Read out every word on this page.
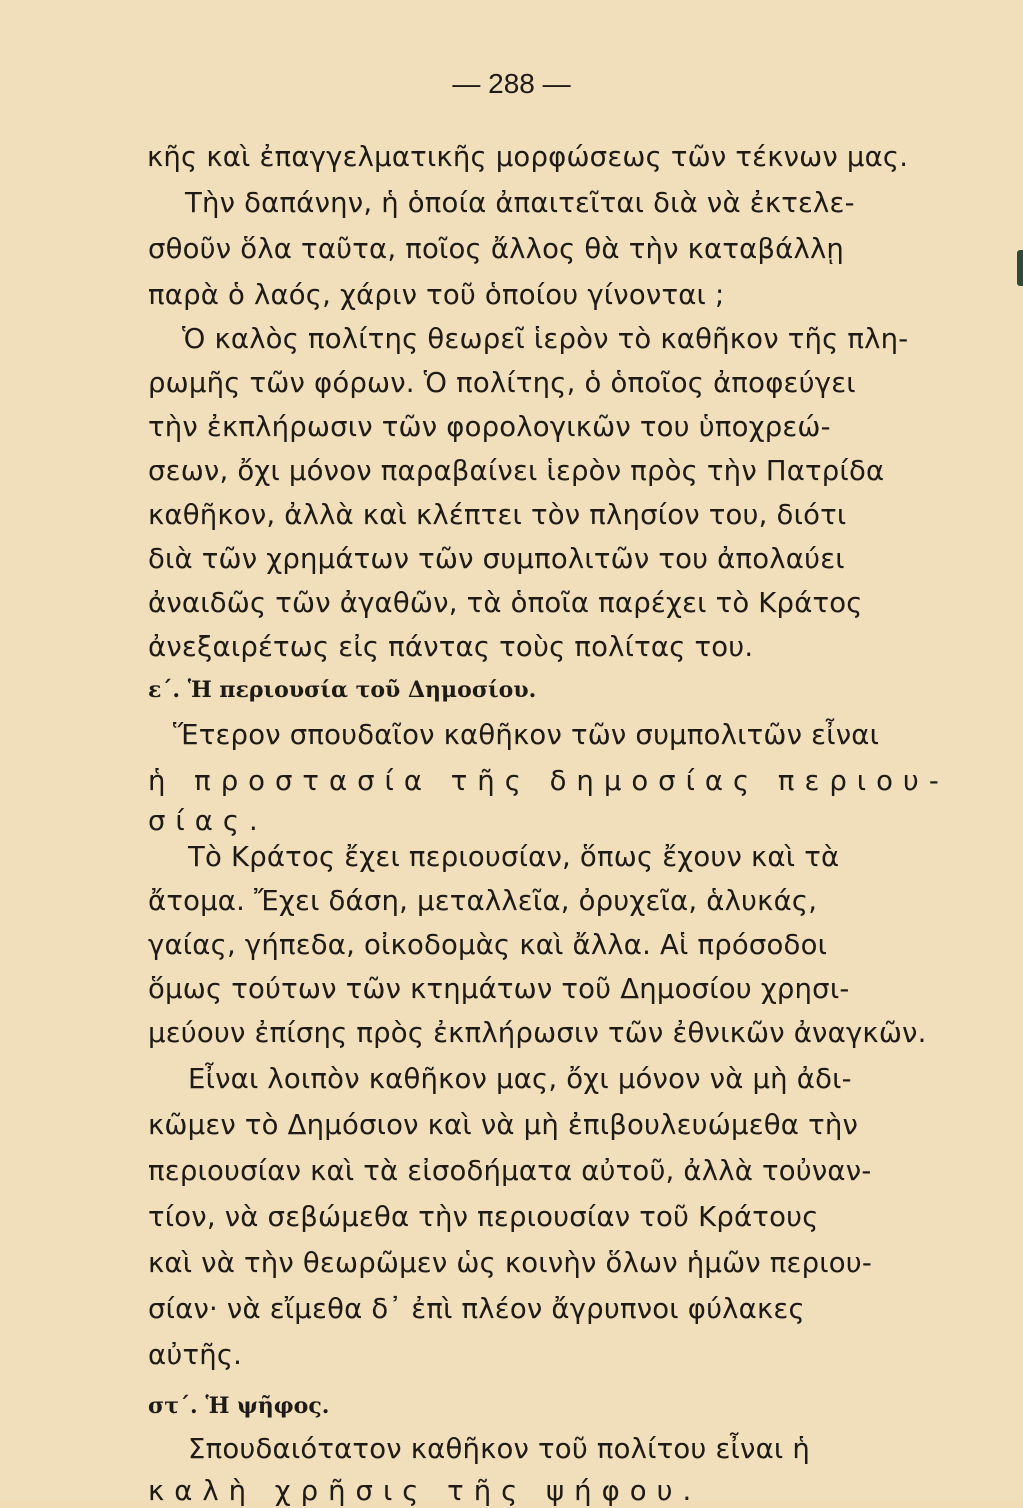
— 288 —
κῆς καὶ ἐπαγγελματικῆς μορφώσεως τῶν τέκνων μας.
Τὴν δαπάνην, ἡ ὁποία ἀπαιτεῖται διὰ νὰ ἐκτελε-
σθοῦν ὅλα ταῦτα, ποῖος ἄλλος θὰ τὴν καταβάλλῃ
παρὰ ὁ λαός, χάριν τοῦ ὁποίου γίνονται ;
Ὁ καλὸς πολίτης θεωρεῖ ἱερὸν τὸ καθῆκον τῆς πλη-
ρωμῆς τῶν φόρων. Ὁ πολίτης, ὁ ὁποῖος ἀποφεύγει
τὴν ἐκπλήρωσιν τῶν φορολογικῶν του ὑποχρεώ-
σεων, ὄχι μόνον παραβαίνει ἱερὸν πρὸς τὴν Πατρίδα
καθῆκον, ἀλλὰ καὶ κλέπτει τὸν πλησίον του, διότι
διὰ τῶν χρημάτων τῶν συμπολιτῶν του ἀπολαύει
ἀναιδῶς τῶν ἀγαθῶν, τὰ ὁποῖα παρέχει τὸ Κράτος
ἀνεξαιρέτως εἰς πάντας τοὺς πολίτας του.
ε΄. Ἡ περιουσία τοῦ Δημοσίου.
Ἕτερον σπουδαῖον καθῆκον τῶν συμπολιτῶν εἶναι
ἡ προστασία τῆς δημοσίας περιου-
σίας.
Τὸ Κράτος ἔχει περιουσίαν, ὅπως ἔχουν καὶ τὰ
ἄτομα. Ἔχει δάση, μεταλλεῖα, ὀρυχεῖα, ἁλυκάς,
γαίας, γήπεδα, οἰκοδομὰς καὶ ἄλλα. Αἱ πρόσοδοι
ὅμως τούτων τῶν κτημάτων τοῦ Δημοσίου χρησι-
μεύουν ἐπίσης πρὸς ἐκπλήρωσιν τῶν ἐθνικῶν ἀναγκῶν.
Εἶναι λοιπὸν καθῆκον μας, ὄχι μόνον νὰ μὴ ἀδι-
κῶμεν τὸ Δημόσιον καὶ νὰ μὴ ἐπιβουλευώμεθα τὴν
περιουσίαν καὶ τὰ εἰσοδήματα αὐτοῦ, ἀλλὰ τοὐναν-
τίον, νὰ σεβώμεθα τὴν περιουσίαν τοῦ Κράτους
καὶ νὰ τὴν θεωρῶμεν ὡς κοινὴν ὅλων ἡμῶν περιου-
σίαν· νὰ εἴμεθα δ᾿ ἐπὶ πλέον ἄγρυπνοι φύλακες
αὐτῆς.
στ΄. Ἡ ψῆφος.
Σπουδαιότατον καθῆκον τοῦ πολίτου εἶναι ἡ
καλὴ χρῆσις τῆς ψήφου.
